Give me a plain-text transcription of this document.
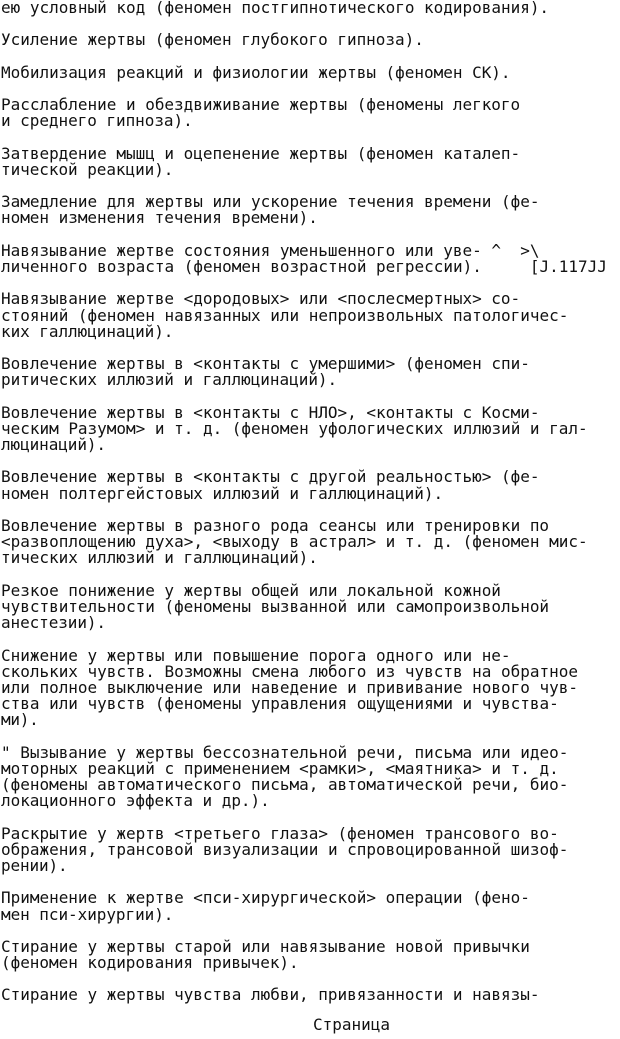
ею условный код (феномен постгипнотического кодирования).
Усиление жертвы (феномен глубокого гипноза).
Мобилизация реакций и физиологии жертвы (феномен СК).
Расслабление и обездвиживание жертвы (феномены легкого
и среднего гипноза).
Затвердение мышц и оцепенение жертвы (феномен каталеп-
тической реакции).
Замедление для жертвы или ускорение течения времени (фе-
номен изменения течения времени).
Навязывание жертве состояния уменьшенного или уве- ^  >\
личенного возраста (феномен возрастной регрессии).     [J.117JJ
Навязывание жертве <дородовых> или <послесмертных> со-
стояний (феномен навязанных или непроизвольных патологичес-
ких галлюцинаций).
Вовлечение жертвы в <контакты с умершими> (феномен спи-
ритических иллюзий и галлюцинаций).
Вовлечение жертвы в <контакты с НЛО>, <контакты с Косми-
ческим Разумом> и т. д. (феномен уфологических иллюзий и гал-
люцинаций).
Вовлечение жертвы в <контакты с другой реальностью> (фе-
номен полтергейстовых иллюзий и галлюцинаций).
Вовлечение жертвы в разного рода сеансы или тренировки по
<развоплощению духа>, <выходу в астрал> и т. д. (феномен мис-
тических иллюзий и галлюцинаций).
Резкое понижение у жертвы общей или локальной кожной
чувствительности (феномены вызванной или самопроизвольной
анестезии).
Снижение у жертвы или повышение порога одного или не-
скольких чувств. Возможны смена любого из чувств на обратное
или полное выключение или наведение и прививание нового чув-
ства или чувств (феномены управления ощущениями и чувства-
ми).
" Вызывание у жертвы бессознательной речи, письма или идео-
моторных реакций с применением <рамки>, <маятника> и т. д.
(феномены автоматического письма, автоматической речи, био-
локационного эффекта и др.).
Раскрытие у жертв <третьего глаза> (феномен трансового во-
ображения, трансовой визуализации и спровоцированной шизоф-
рении).
Применение к жертве <пси-хирургической> операции (фено-
мен пси-хирургии).
Стирание у жертвы старой или навязывание новой привычки
(феномен кодирования привычек).
Стирание у жертвы чувства любви, привязанности и навязы-
Страница
